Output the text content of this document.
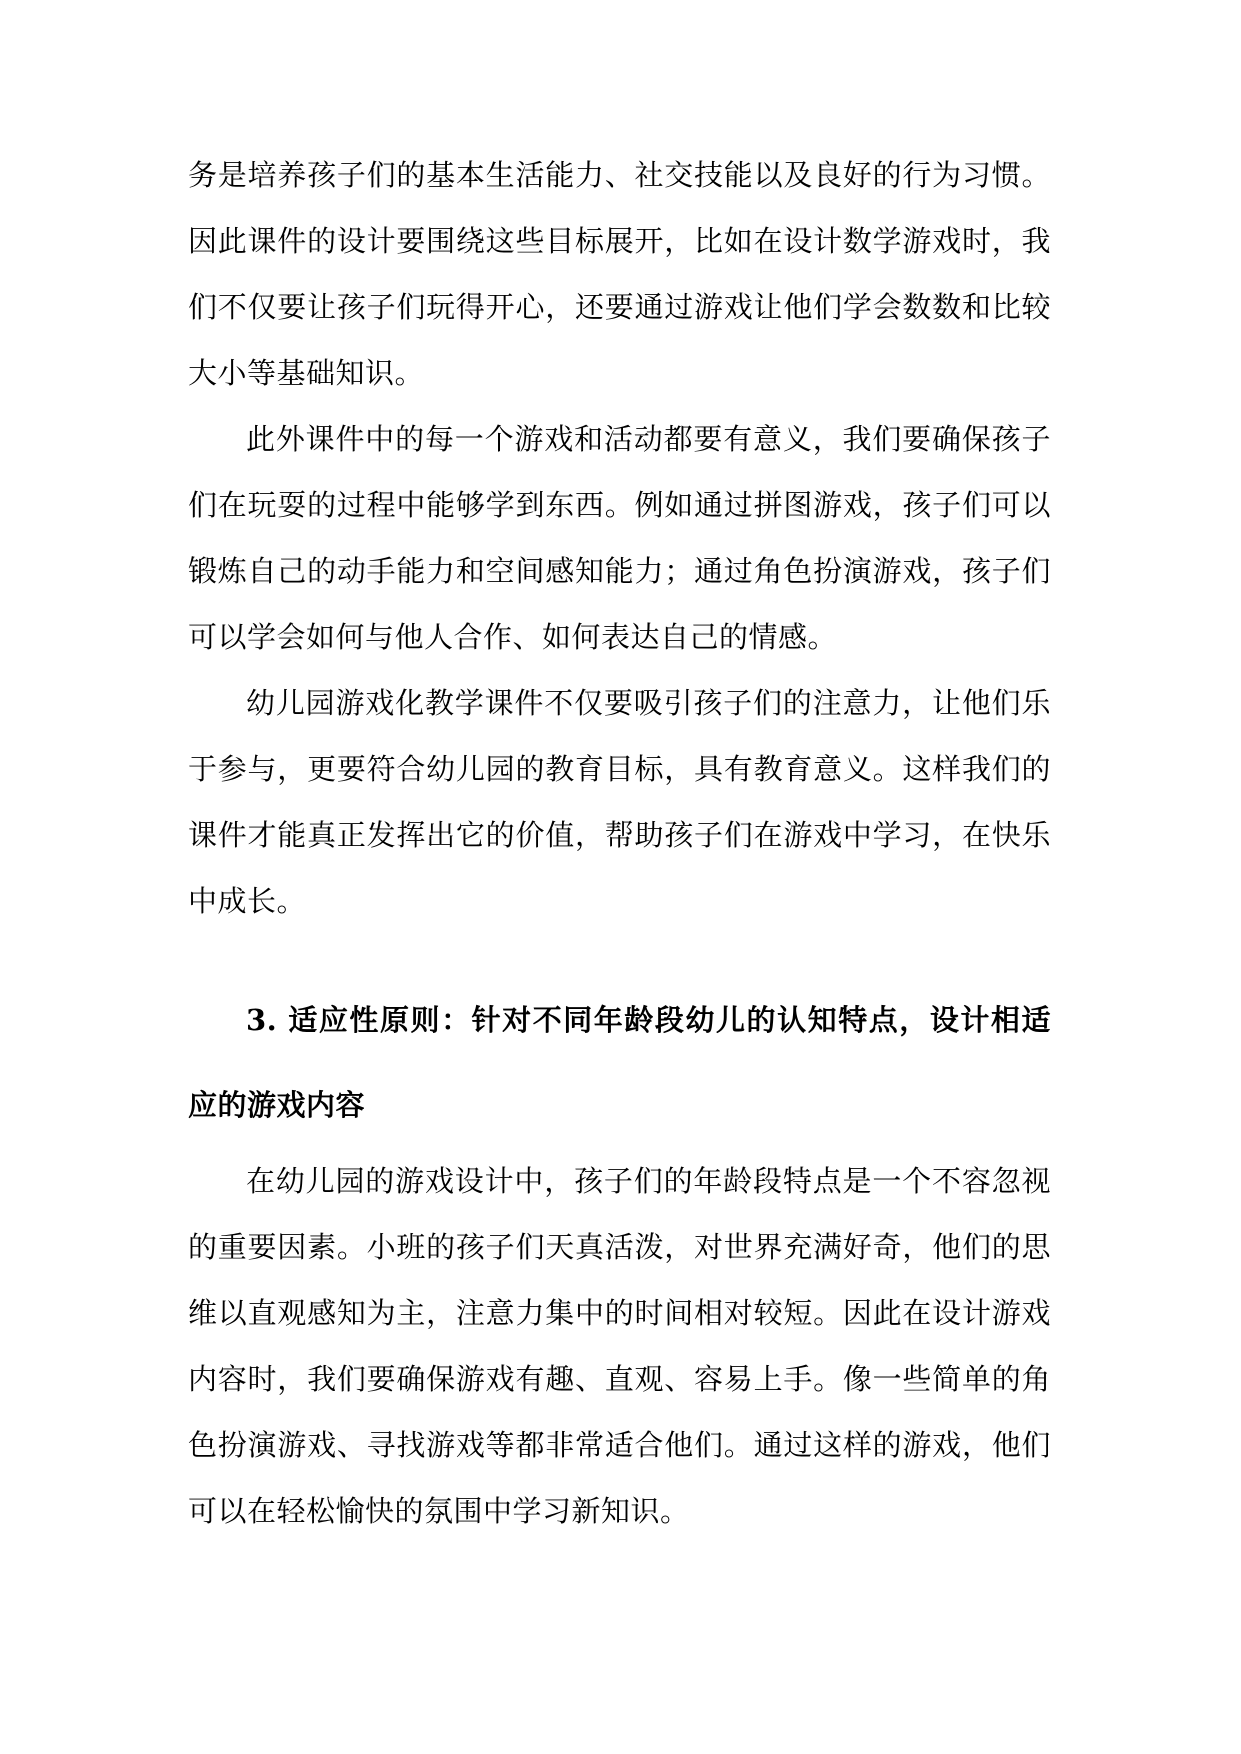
务是培养孩子们的基本生活能力、社交技能以及良好的行为习惯。因此课件的设计要围绕这些目标展开，比如在设计数学游戏时，我们不仅要让孩子们玩得开心，还要通过游戏让他们学会数数和比较大小等基础知识。

此外课件中的每一个游戏和活动都要有意义，我们要确保孩子们在玩耍的过程中能够学到东西。例如通过拼图游戏，孩子们可以锻炼自己的动手能力和空间感知能力；通过角色扮演游戏，孩子们可以学会如何与他人合作、如何表达自己的情感。

幼儿园游戏化教学课件不仅要吸引孩子们的注意力，让他们乐于参与，更要符合幼儿园的教育目标，具有教育意义。这样我们的课件才能真正发挥出它的价值，帮助孩子们在游戏中学习，在快乐中成长。

3. 适应性原则：针对不同年龄段幼儿的认知特点，设计相适应的游戏内容

在幼儿园的游戏设计中，孩子们的年龄段特点是一个不容忽视的重要因素。小班的孩子们天真活泼，对世界充满好奇，他们的思维以直观感知为主，注意力集中的时间相对较短。因此在设计游戏内容时，我们要确保游戏有趣、直观、容易上手。像一些简单的角色扮演游戏、寻找游戏等都非常适合他们。通过这样的游戏，他们可以在轻松愉快的氛围中学习新知识。
